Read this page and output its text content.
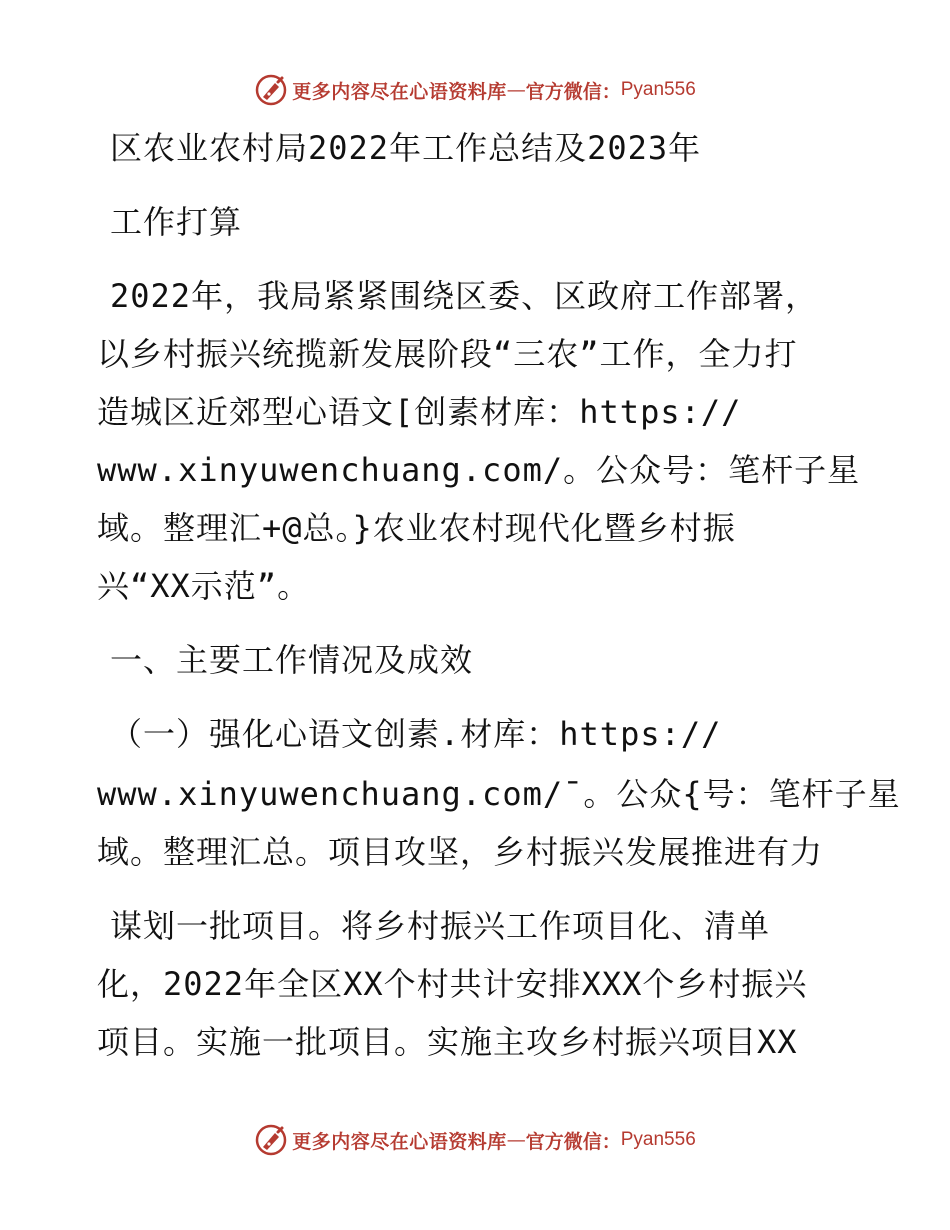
更多内容尽在心语资料库 — 官方微信： Pyan556
区农业农村局2022年工作总结及2023年
工作打算
2022年，我局紧紧围绕区委、区政府工作部署，
以乡村振兴统揽新发展阶段“三农”工作，全力打
造城区近郊型心语文[创素材库：https://
www.xinyuwenchuang.com/。公众号：笔杆子星
域。整理汇+@总。}农业农村现代化暨乡村振
兴“XX示范”。
一、主要工作情况及成效
（一）强化心语文创素.材库：https://
www.xinyuwenchuang.com/¯。公众{号：笔杆子星
域。整理汇总。项目攻坚，乡村振兴发展推进有力
谋划一批项目。将乡村振兴工作项目化、清单
化，2022年全区XX个村共计安排XXX个乡村振兴
项目。实施一批项目。实施主攻乡村振兴项目XX
更多内容尽在心语资料库 — 官方微信： Pyan556
